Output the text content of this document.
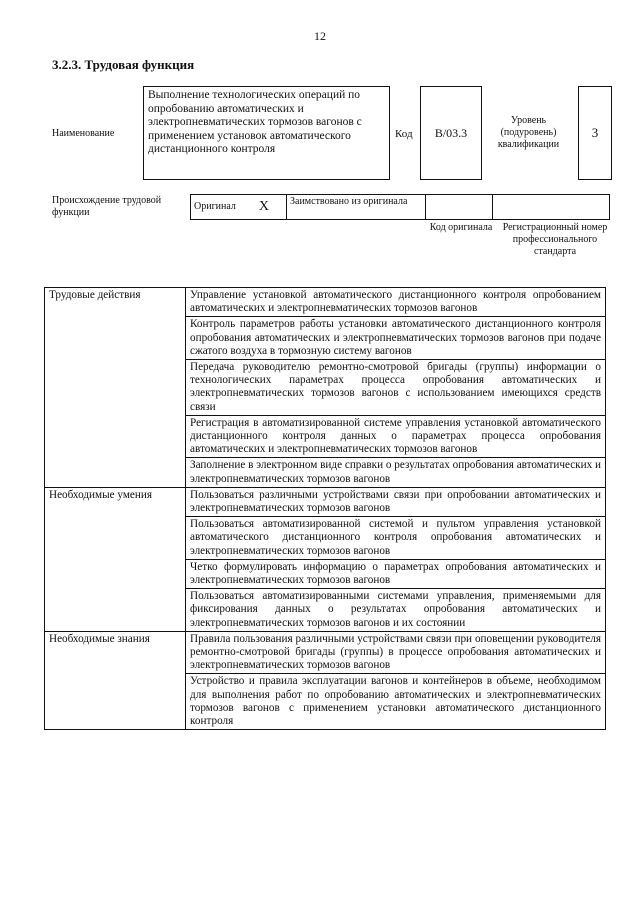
12
3.2.3. Трудовая функция
Наименование
Выполнение технологических операций по опробованию автоматических и электропневматических тормозов вагонов с применением установок автоматического дистанционного контроля
Код	B/03.3
Уровень (подуровень) квалификации
3
Происхождение трудовой функции
Оригинал X	Заимствовано из оригинала
Код оригинала	Регистрационный номер профессионального стандарта
Трудовые действия	Управление установкой автоматического дистанционного контроля опробованием автоматических и электропневматических тормозов вагонов
	Контроль параметров работы установки автоматического дистанционного контроля опробования автоматических и электропневматических тормозов вагонов при подаче сжатого воздуха в тормозную систему вагонов
	Передача руководителю ремонтно-смотровой бригады (группы) информации о технологических параметрах процесса опробования автоматических и электропневматических тормозов вагонов с использованием имеющихся средств связи
	Регистрация в автоматизированной системе управления установкой автоматического дистанционного контроля данных о параметрах процесса опробования автоматических и электропневматических тормозов вагонов
	Заполнение в электронном виде справки о результатах опробования автоматических и электропневматических тормозов вагонов
Необходимые умения	Пользоваться различными устройствами связи при опробовании автоматических и электропневматических тормозов вагонов
	Пользоваться автоматизированной системой и пультом управления установкой автоматического дистанционного контроля опробования автоматических и электропневматических тормозов вагонов
	Четко формулировать информацию о параметрах опробования автоматических и электропневматических тормозов вагонов
	Пользоваться автоматизированными системами управления, применяемыми для фиксирования данных о результатах опробования автоматических и электропневматических тормозов вагонов и их состоянии
Необходимые знания	Правила пользования различными устройствами связи при оповещении руководителя ремонтно-смотровой бригады (группы) в процессе опробования автоматических и электропневматических тормозов вагонов
	Устройство и правила эксплуатации вагонов и контейнеров в объеме, необходимом для выполнения работ по опробованию автоматических и электропневматических тормозов вагонов с применением установки автоматического дистанционного контроля
